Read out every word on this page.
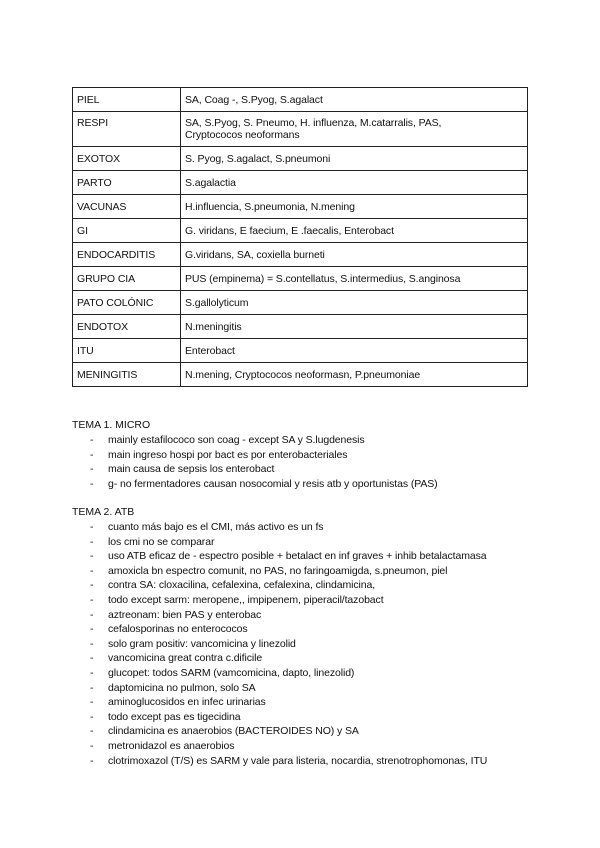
PIEL	SA, Coag -, S.Pyog, S.agalact
RESPI	SA, S.Pyog, S. Pneumo, H. influenza, M.catarralis, PAS,
Cryptococos neoformans

EXOTOX	S. Pyog, S.agalact, S.pneumoni
PARTO	S.agalactia
VACUNAS	H.influencia, S.pneumonia, N.mening
GI	G. viridans, E faecium, E .faecalis, Enterobact
ENDOCARDITIS	G.viridans, SA, coxiella burneti
GRUPO CIA	PUS (empinema) = S.contellatus, S.intermedius, S.anginosa
PATO COLÓNIC	S.gallolyticum
ENDOTOX	N.meningitis
ITU	Enterobact
MENINGITIS	N.mening, Cryptococos neoformasn, P.pneumoniae
TEMA 1. MICRO
- mainly estafilococo son coag - except SA y S.lugdenesis
- main ingreso hospi por bact es por enterobacteriales
- main causa de sepsis los enterobact
- g- no fermentadores causan nosocomial y resis atb y oportunistas (PAS)
TEMA 2. ATB
- cuanto más bajo es el CMI, más activo es un fs
- los cmi no se comparar
- uso ATB eficaz de - espectro posible + betalact en inf graves + inhib betalactamasa
- amoxicla bn espectro comunit, no PAS, no faringoamigda, s.pneumon, piel
- contra SA: cloxacilina, cefalexina, cefalexina, clindamicina,
- todo except sarm: meropene,, impipenem, piperacil/tazobact
- aztreonam: bien PAS y enterobac
- cefalosporinas no enterococos
- solo gram positiv: vancomicina y linezolid
- vancomicina great contra c.dificile
- glucopet: todos SARM (vamcomicina, dapto, linezolid)
- daptomicina no pulmon, solo SA
- aminoglucosidos en infec urinarias
- todo except pas es tigecidina
- clindamicina es anaerobios (BACTEROIDES NO) y SA
- metronidazol es anaerobios
- clotrimoxazol (T/S) es SARM y vale para listeria, nocardia, strenotrophomonas, ITU
